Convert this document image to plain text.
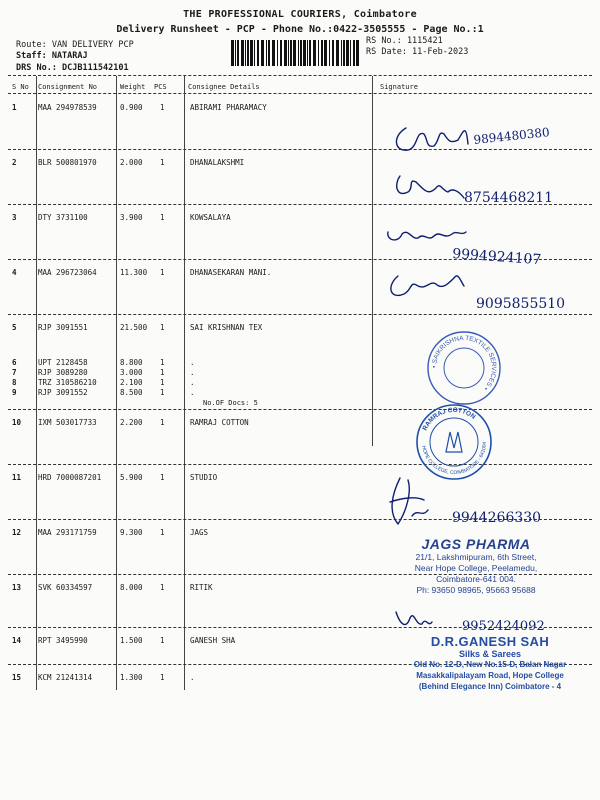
THE PROFESSIONAL COURIERS, Coimbatore
Delivery Runsheet - PCP - Phone No.:0422-3505555 - Page No.:1
Route: VAN DELIVERY PCP
Staff: NATARAJ
DRS No.: DCJB111542101
RS No.: 1115421
RS Date: 11-Feb-2023
S No Consignment No	Weight PCS	Consignee Details	Signature
1	MAA 294978539	0.900 1	ABIRAMI PHARAMACY
2	BLR 500801970	2.000 1	DHANALAKSHMI
3	DTY 3731100	3.900 1	KOWSALAYA
4	MAA 296723064	11.300 1	DHANASEKARAN MANI.
5	RJP 3091551	21.500 1	SAI KRISHNAN TEX
6	UPT 2128458	8.800 1	.
7	RJP 3089280	3.000 1	.
8	TRZ 310586210	2.100 1	.
9	RJP 3091552	8.500 1	.
10 IXM 503017733	2.200 1	RAMRAJ COTTON
11 HRD 7000087201	5.900 1	STUDIO
12 MAA 293171759	9.300 1	JAGS
13 SVK 60334597	8.000 1	RITIK
14 RPT 3495990	1.500 1	GANESH SHA
15 KCM 21241314	1.300 1	.
No.OF Docs: 5
9894480380
8754468211
9994924107
9095855510
• SAIKRISHNA TEXTILE SERVICES •
RAMRAJ COTTON
HOPE COLLEGE, COIMBATORE - 641004
9944266330
JAGS PHARMA
21/1, Lakshmipuram, 6th Street,
Near Hope College, Peelamedu,
Coimbatore-641 004.
Ph: 93650 98965, 95663 95688
9952424092
D.R.GANESH SAH
Silks & Sarees
Old No. 12-D, New No.15-D, Balan Nagar
Masakkalipalayam Road, Hope College
(Behind Elegance Inn) Coimbatore - 4
